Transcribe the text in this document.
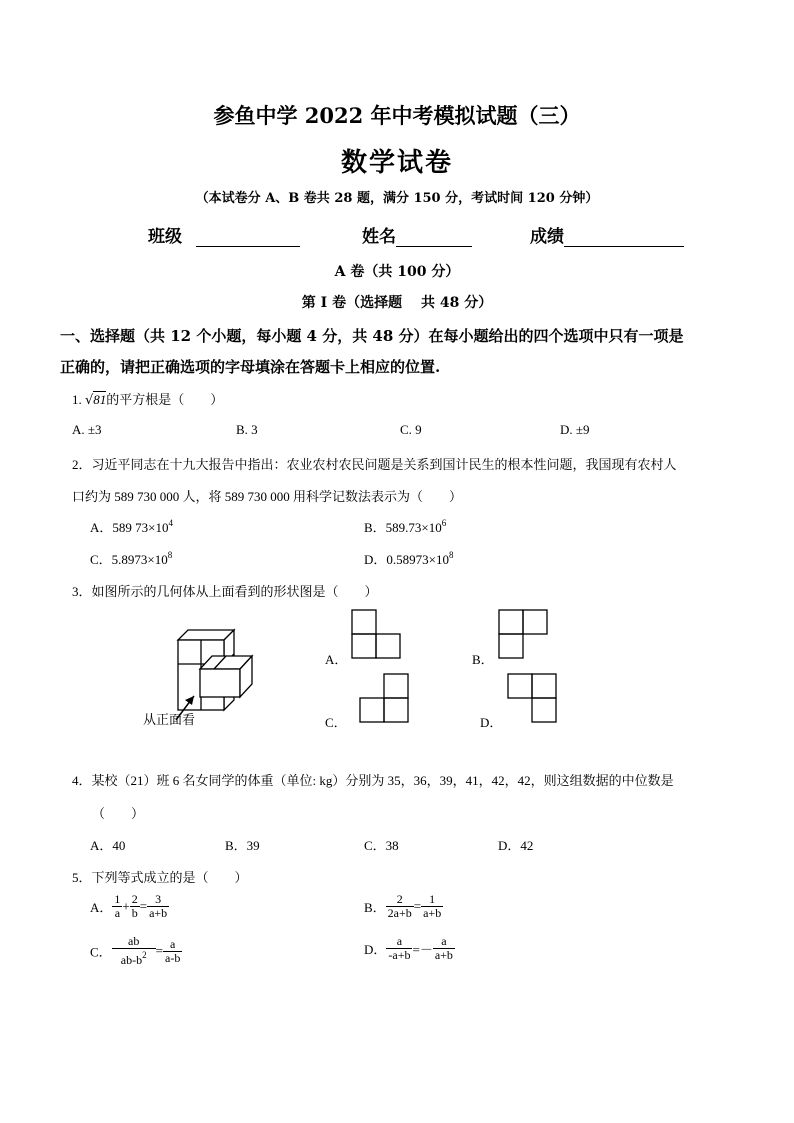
参鱼中学 2022 年中考模拟试题（三）
数学试卷
（本试卷分 A、B 卷共 28 题，满分 150 分，考试时间 120 分钟）
班级	姓名	成绩
A 卷（共 100 分）
第 I 卷（选择题　 共 48 分）
一、选择题（共 12 个小题，每小题 4 分，共 48 分）在每小题给出的四个选项中只有一项是
正确的，请把正确选项的字母填涂在答题卡上相应的位置.
1. √81的平方根是（　　）
A. ±3	B. 3	C. 9	D. ±9
2．习近平同志在十九大报告中指出：农业农村农民问题是关系到国计民生的根本性问题，我国现有农村人
口约为 589 730 000 人，将 589 730 000 用科学记数法表示为（　　）
A．589 $73\times 10^4$	B．$589.73\times 10^6$
C．$5.8973\times 10^8$	D．$0.58973\times 10^8$
3．如图所示的几何体从上面看到的形状图是（　　）
从正面看
A．	B．
C．	D．
4．某校（21）班 6 名女同学的体重（单位: kg）分别为 35，36，39，41，42，42，则这组数据的中位数是
（　　）
A．40	B．39	C．38	D．42
5．下列等式成立的是（　　）
A． $\frac{1}{a} + \frac{2}{b} = \frac{3}{a+b}$	B． $\frac{2}{2a+b} = \frac{1}{a+b}$
C． $\frac{ab}{ab-b^2} = \frac{a}{a-b}$	D． $\frac{a}{-a+b} =- \frac{a}{a+b}$
